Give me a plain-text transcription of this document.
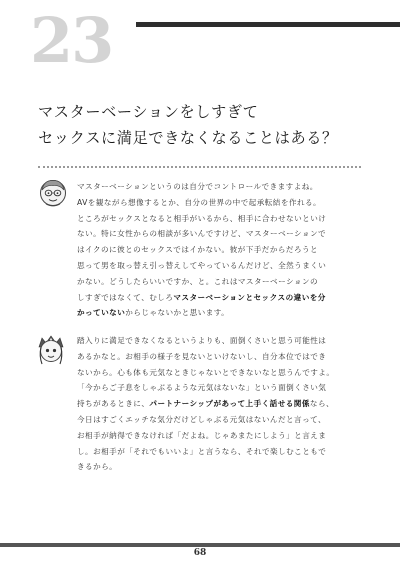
23
マスターベーションをしすぎて
セックスに満足できなくなることはある？
マスターベーションというのは自分でコントロールできますよね。
AVを観ながら想像するとか、自分の世界の中で起承転結を作れる。
ところがセックスとなると相手がいるから、相手に合わせないといけ
ない。特に女性からの相談が多いんですけど、マスターベーションで
はイクのに彼とのセックスではイかない。彼が下手だからだろうと
思って男を取っ替え引っ替えしてやっているんだけど、全然うまくい
かない。どうしたらいいですか、と。これはマスターベーションの
しすぎではなくて、むしろマスターベーションとセックスの違いを分
かっていないからじゃないかと思います。
踏入りに満足できなくなるというよりも、面倒くさいと思う可能性は
あるかなと。お相手の様子を見ないといけないし、自分本位ではでき
ないから。心も体も元気なときじゃないとできないなと思うんですよ。
「今からご子息をしゃぶるような元気はないな」という面倒くさい気
持ちがあるときに、パートナーシップがあって上手く話せる関係なら、
今日はすごくエッチな気分だけどしゃぶる元気はないんだと言って、
お相手が納得できなければ「だよね。じゃあまたにしよう」と言えま
し。お相手が「それでもいいよ」と言うなら、それで楽しむこともで
きるから。
68
